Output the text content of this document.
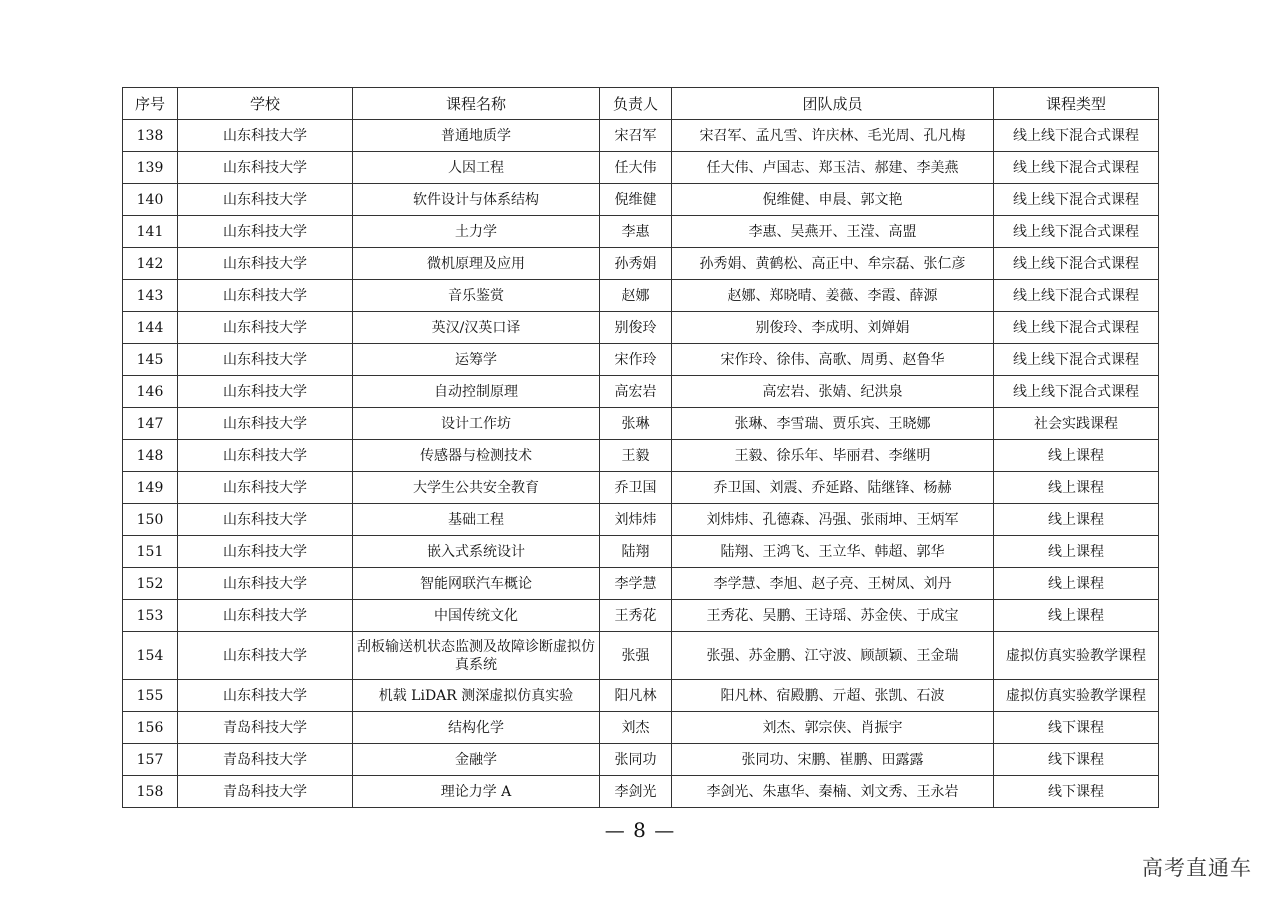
序号	学校	课程名称	负责人	团队成员	课程类型
138	山东科技大学	普通地质学	宋召军	宋召军、孟凡雪、许庆林、毛光周、孔凡梅	线上线下混合式课程
139	山东科技大学	人因工程	任大伟	任大伟、卢国志、郑玉洁、郝建、李美燕	线上线下混合式课程
140	山东科技大学	软件设计与体系结构	倪维健	倪维健、申晨、郭文艳	线上线下混合式课程
141	山东科技大学	土力学	李惠	李惠、吴燕开、王滢、高盟	线上线下混合式课程
142	山东科技大学	微机原理及应用	孙秀娟	孙秀娟、黄鹤松、高正中、牟宗磊、张仁彦	线上线下混合式课程
143	山东科技大学	音乐鉴赏	赵娜	赵娜、郑晓晴、姜薇、李霞、薛源	线上线下混合式课程
144	山东科技大学	英汉/汉英口译	别俊玲	别俊玲、李成明、刘婵娟	线上线下混合式课程
145	山东科技大学	运筹学	宋作玲	宋作玲、徐伟、高歌、周勇、赵鲁华	线上线下混合式课程
146	山东科技大学	自动控制原理	高宏岩	高宏岩、张婧、纪洪泉	线上线下混合式课程
147	山东科技大学	设计工作坊	张琳	张琳、李雪瑞、贾乐宾、王晓娜	社会实践课程
148	山东科技大学	传感器与检测技术	王毅	王毅、徐乐年、毕丽君、李继明	线上课程
149	山东科技大学	大学生公共安全教育	乔卫国	乔卫国、刘震、乔延路、陆继锋、杨赫	线上课程
150	山东科技大学	基础工程	刘炜炜	刘炜炜、孔德森、冯强、张雨坤、王炳军	线上课程
151	山东科技大学	嵌入式系统设计	陆翔	陆翔、王鸿飞、王立华、韩超、郭华	线上课程
152	山东科技大学	智能网联汽车概论	李学慧	李学慧、李旭、赵子亮、王树凤、刘丹	线上课程
153	山东科技大学	中国传统文化	王秀花	王秀花、吴鹏、王诗瑶、苏金侠、于成宝	线上课程
154	山东科技大学	刮板输送机状态监测及故障诊断虚拟仿真系统	张强	张强、苏金鹏、江守波、顾颉颖、王金瑞	虚拟仿真实验教学课程
155	山东科技大学	机载 LiDAR 测深虚拟仿真实验	阳凡林	阳凡林、宿殿鹏、亓超、张凯、石波	虚拟仿真实验教学课程
156	青岛科技大学	结构化学	刘杰	刘杰、郭宗侠、肖振宇	线下课程
157	青岛科技大学	金融学	张同功	张同功、宋鹏、崔鹏、田露露	线下课程
158	青岛科技大学	理论力学 A	李剑光	李剑光、朱惠华、秦楠、刘文秀、王永岩	线下课程
— 8 —
高考直通车
